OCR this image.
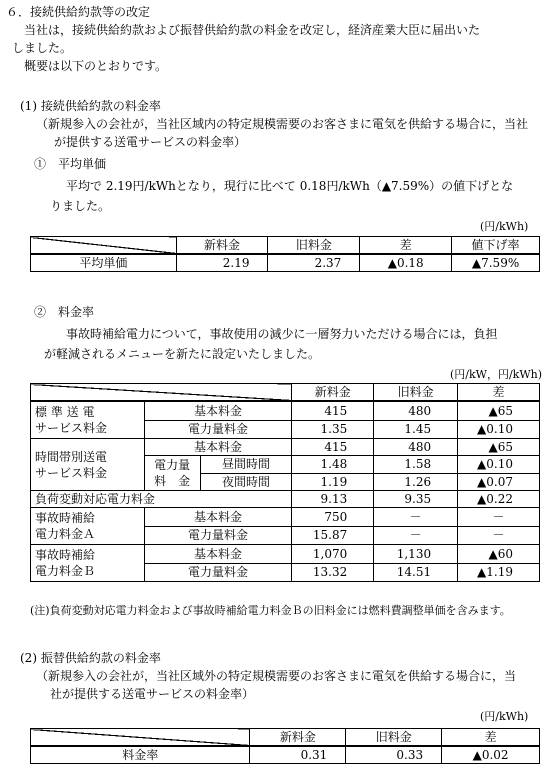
６．接続供給約款等の改定
当社は，接続供給約款および振替供給約款の料金を改定し，経済産業大臣に届出いた
しました。
概要は以下のとおりです。
(1) 接続供給約款の料金率
（新規参入の会社が，当社区域内の特定規模需要のお客さまに電気を供給する場合に，当社
が提供する送電サービスの料金率）
①　平均単価
平均で 2.19円/kWhとなり，現行に比べて 0.18円/kWh（▲7.59%）の値下げとな
りました。
(円/kWh)
	新料金	旧料金	差	値下げ率
平均単価	2.19	2.37	▲0.18	▲7.59%
②　料金率
事故時補給電力について，事故使用の減少に一層努力いただける場合には，負担
が軽減されるメニューを新たに設定いたしました。
(円/kW，円/kWh)
			新料金	旧料金	差

標 準 送 電
サービス料金	基本料金		415	480	▲65
	電力量料金		1.35	1.45	▲0.10

時間帯別送電
サービス料金	基本料金		415	480	▲65

	電力量
料　金	昼間時間	1.48	1.58	▲0.10
		夜間時間	1.19	1.26	▲0.07
負荷変動対応電力料金			9.13	9.35	▲0.22

事故時補給
電力料金Ａ	基本料金		750	－	－
	電力量料金		15.87	－	－

事故時補給
電力料金Ｂ	基本料金		1,070	1,130	▲60
	電力量料金		13.32	14.51	▲1.19
(注)負荷変動対応電力料金および事故時補給電力料金Ｂの旧料金には燃料費調整単価を含みます。
(2) 振替供給約款の料金率
（新規参入の会社が，当社区域外の特定規模需要のお客さまに電気を供給する場合に，当
社が提供する送電サービスの料金率）
(円/kWh)
	新料金	旧料金	差
料金率	0.31	0.33	▲0.02
